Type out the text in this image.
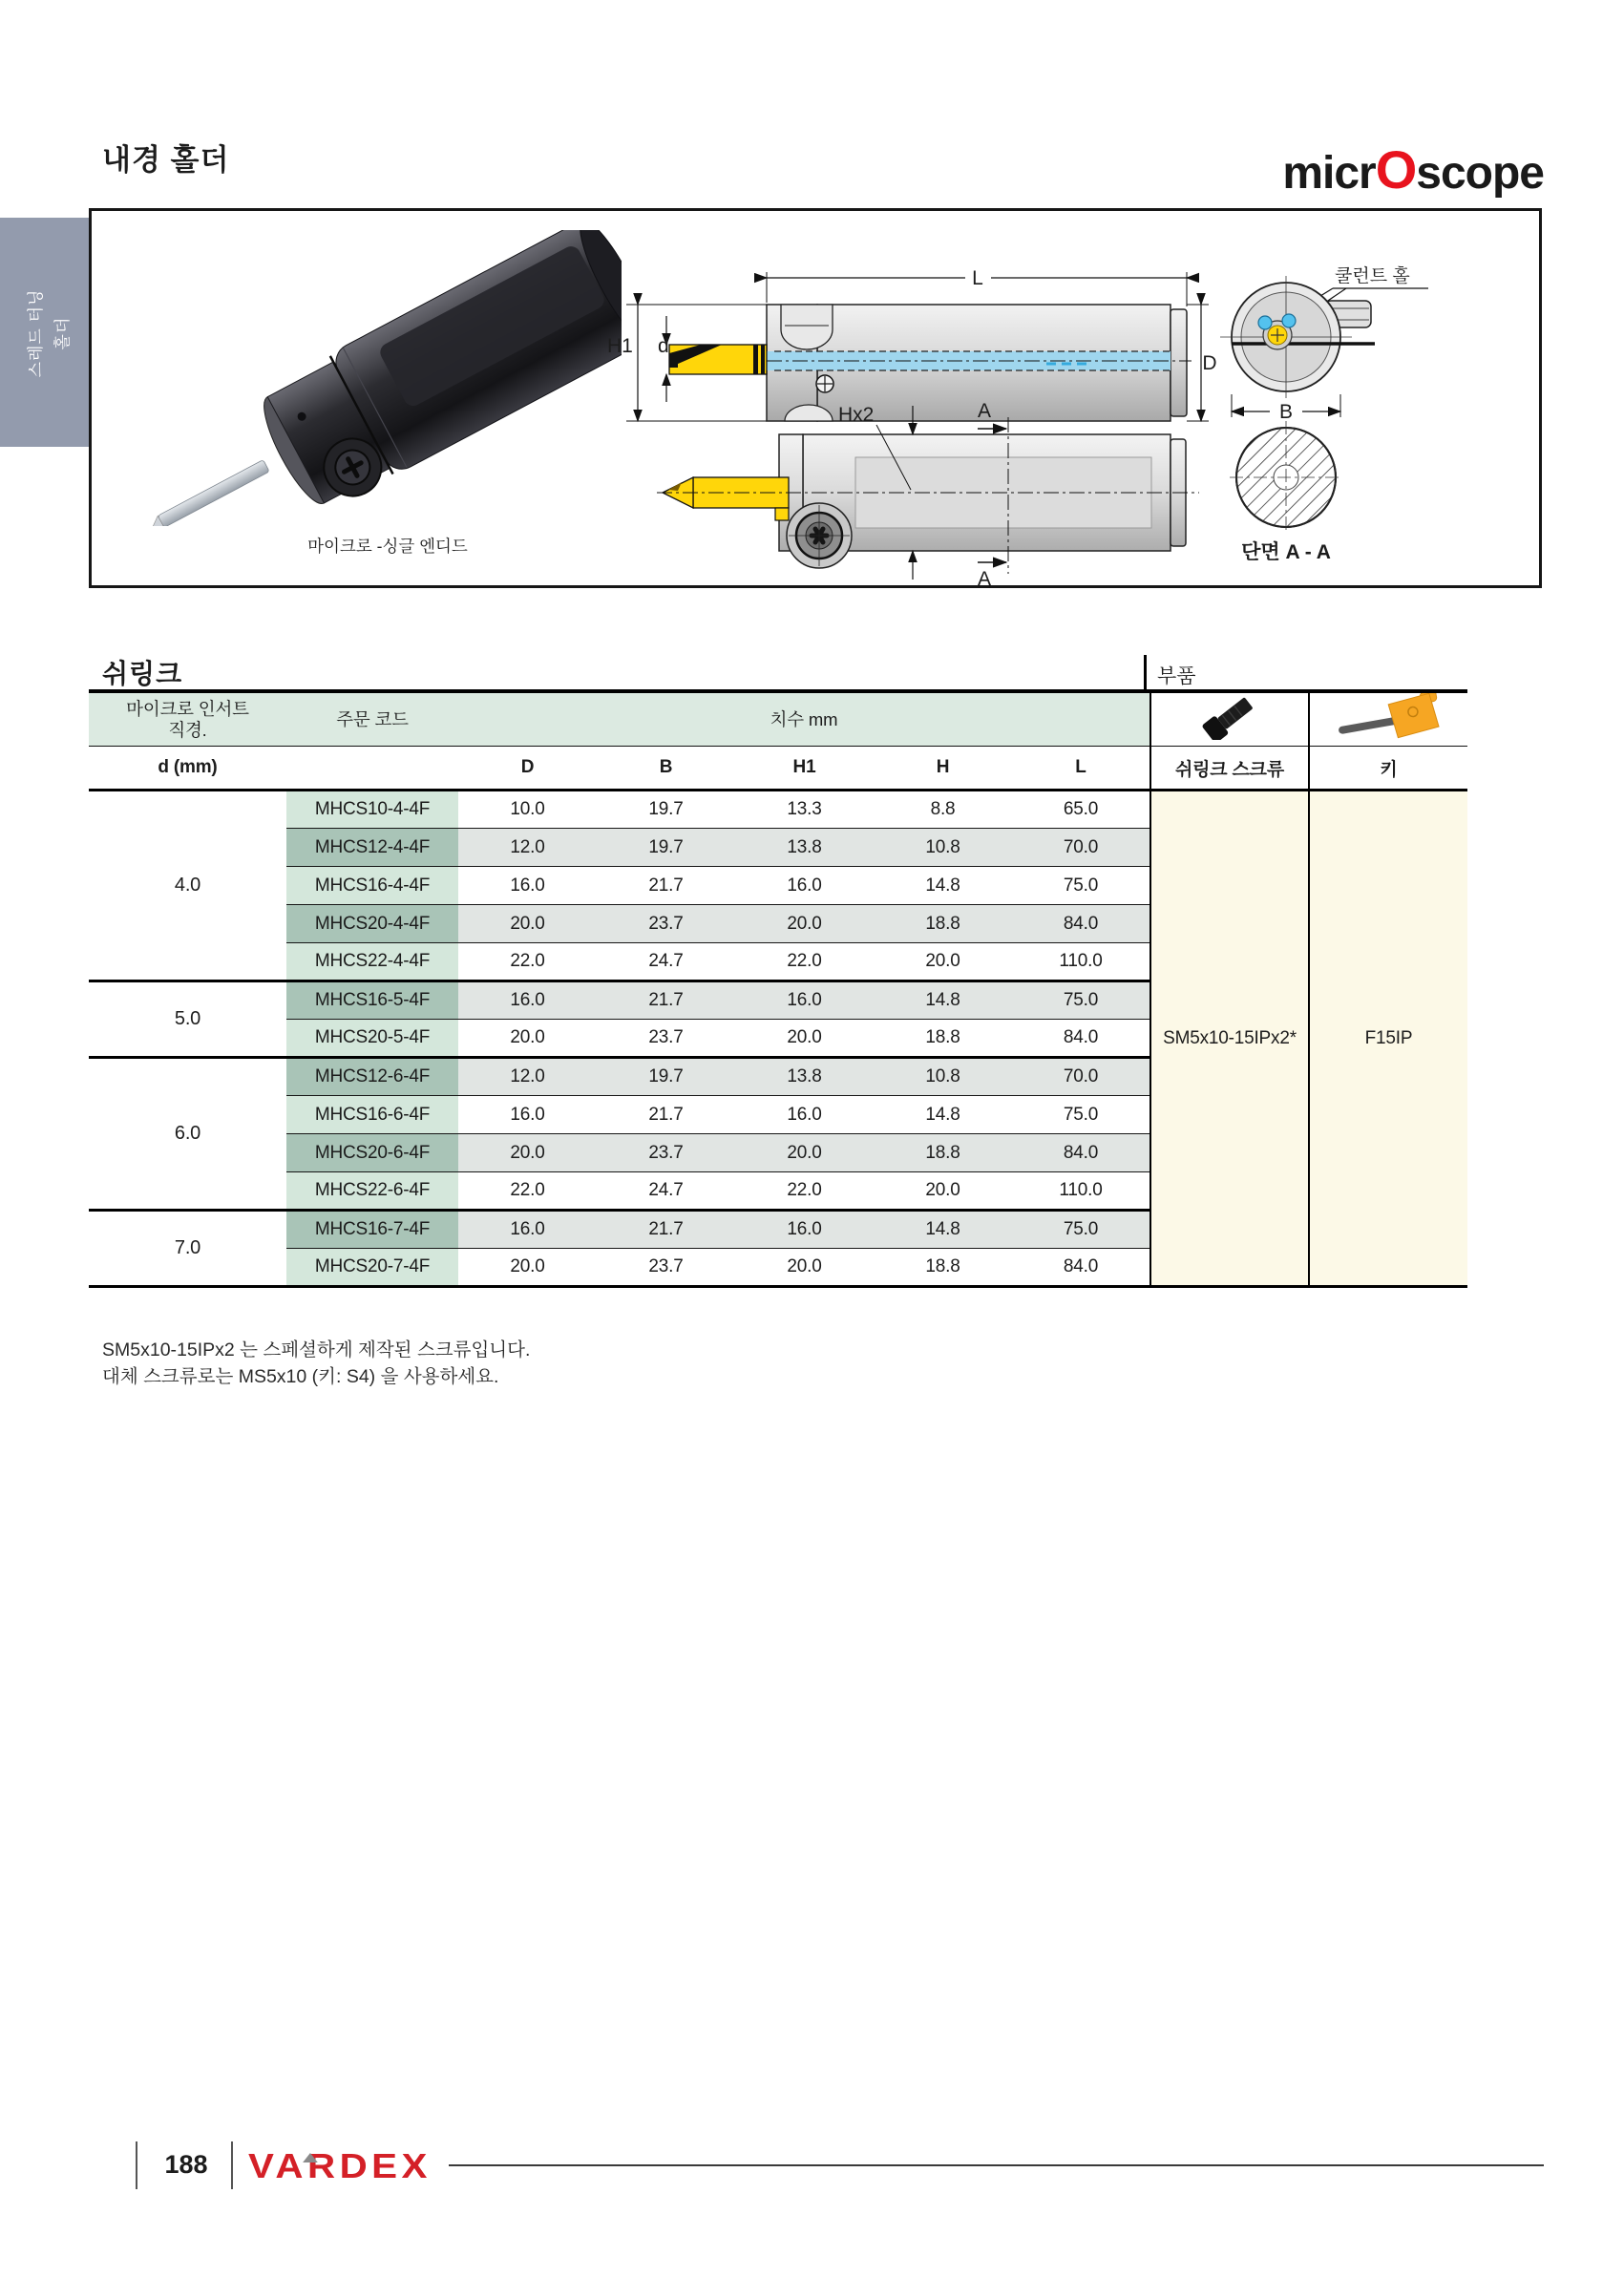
스레드 터닝 홀더
내경 홀더	micrOscope
마이크로 -싱글 엔디드
L
H1 d
D
Hx2	A
A
쿨런트 홀
B
단면 A - A
쉬링크	부품
마이크로 인서트
직경.	주문 코드	치수 mm		
d (mm)		D	B	H1	H	L	쉬링크 스크류	키
4.0	MHCS10-4-4F	10.0	19.7	13.3	8.8	65.0	SM5x10-15IPx2*	F15IP
	MHCS12-4-4F	12.0	19.7	13.8	10.8	70.0		
	MHCS16-4-4F	16.0	21.7	16.0	14.8	75.0		
	MHCS20-4-4F	20.0	23.7	20.0	18.8	84.0		
	MHCS22-4-4F	22.0	24.7	22.0	20.0	110.0		
5.0	MHCS16-5-4F	16.0	21.7	16.0	14.8	75.0		
	MHCS20-5-4F	20.0	23.7	20.0	18.8	84.0		
6.0	MHCS12-6-4F	12.0	19.7	13.8	10.8	70.0		
	MHCS16-6-4F	16.0	21.7	16.0	14.8	75.0		
	MHCS20-6-4F	20.0	23.7	20.0	18.8	84.0		
	MHCS22-6-4F	22.0	24.7	22.0	20.0	110.0		
7.0	MHCS16-7-4F	16.0	21.7	16.0	14.8	75.0		
	MHCS20-7-4F	20.0	23.7	20.0	18.8	84.0		
SM5x10-15IPx2 는 스페셜하게 제작된 스크류입니다.
대체 스크류로는 MS5x10 (키: S4) 을 사용하세요.
188	VARDEX
